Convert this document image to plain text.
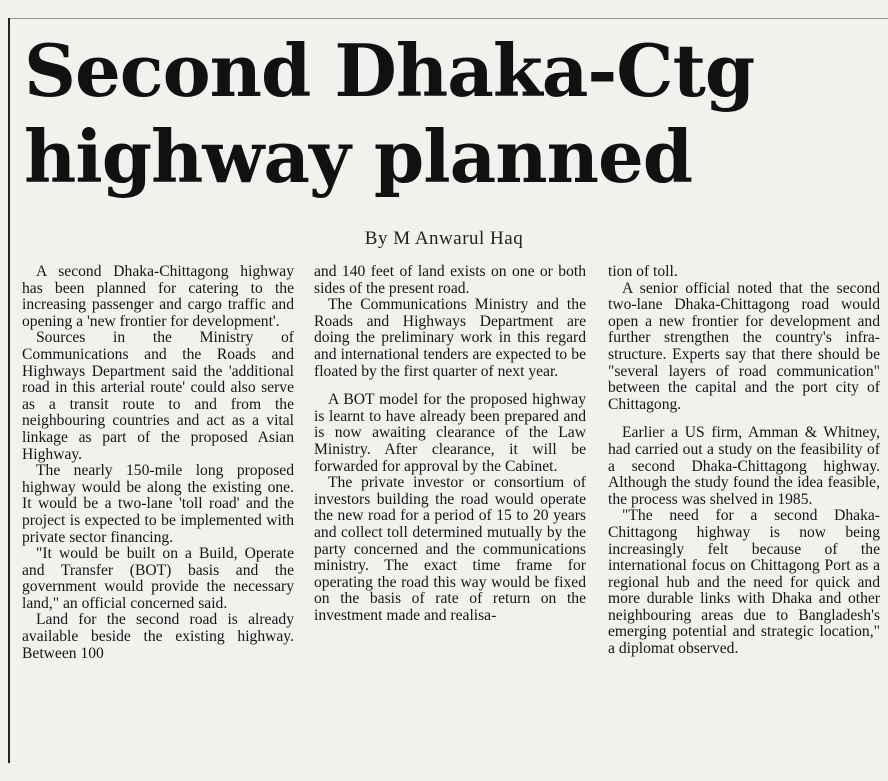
Second Dhaka-Ctg
highway planned
By M Anwarul Haq

A second Dhaka-Chittagong highway has been planned for catering to the increasing passenger and cargo traffic and opening a 'new frontier for development'.

Sources in the Ministry of Communications and the Roads and Highways Department said the 'additional road in this arterial route' could also serve as a transit route to and from the neighbouring countries and act as a vital linkage as part of the proposed Asian Highway.

The nearly 150-mile long proposed highway would be along the existing one. It would be a two-lane 'toll road' and the project is expected to be implemented with private sector financing.

"It would be built on a Build, Operate and Transfer (BOT) basis and the government would provide the necessary land," an official concerned said.

Land for the second road is already available beside the existing highway. Between 100

and 140 feet of land exists on one or both sides of the present road.

The Communications Ministry and the Roads and Highways Department are doing the preliminary work in this regard and international tenders are expected to be floated by the first quarter of next year.

A BOT model for the proposed highway is learnt to have already been prepared and is now awaiting clearance of the Law Ministry. After clearance, it will be forwarded for approval by the Cabinet.

The private investor or consortium of investors building the road would operate the new road for a period of 15 to 20 years and collect toll determined mutually by the party concerned and the communications ministry. The exact time frame for operating the road this way would be fixed on the basis of rate of return on the investment made and realisa-

tion of toll.

A senior official noted that the second two-lane Dhaka-Chittagong road would open a new frontier for development and further strengthen the country's infra-structure. Experts say that there should be "several layers of road communication" between the capital and the port city of Chittagong.

Earlier a US firm, Amman & Whitney, had carried out a study on the feasibility of a second Dhaka-Chittagong highway. Although the study found the idea feasible, the process was shelved in 1985.

"The need for a second Dhaka-Chittagong highway is now being increasingly felt because of the international focus on Chittagong Port as a regional hub and the need for quick and more durable links with Dhaka and other neighbouring areas due to Bangladesh's emerging potential and strategic location," a diplomat observed.
